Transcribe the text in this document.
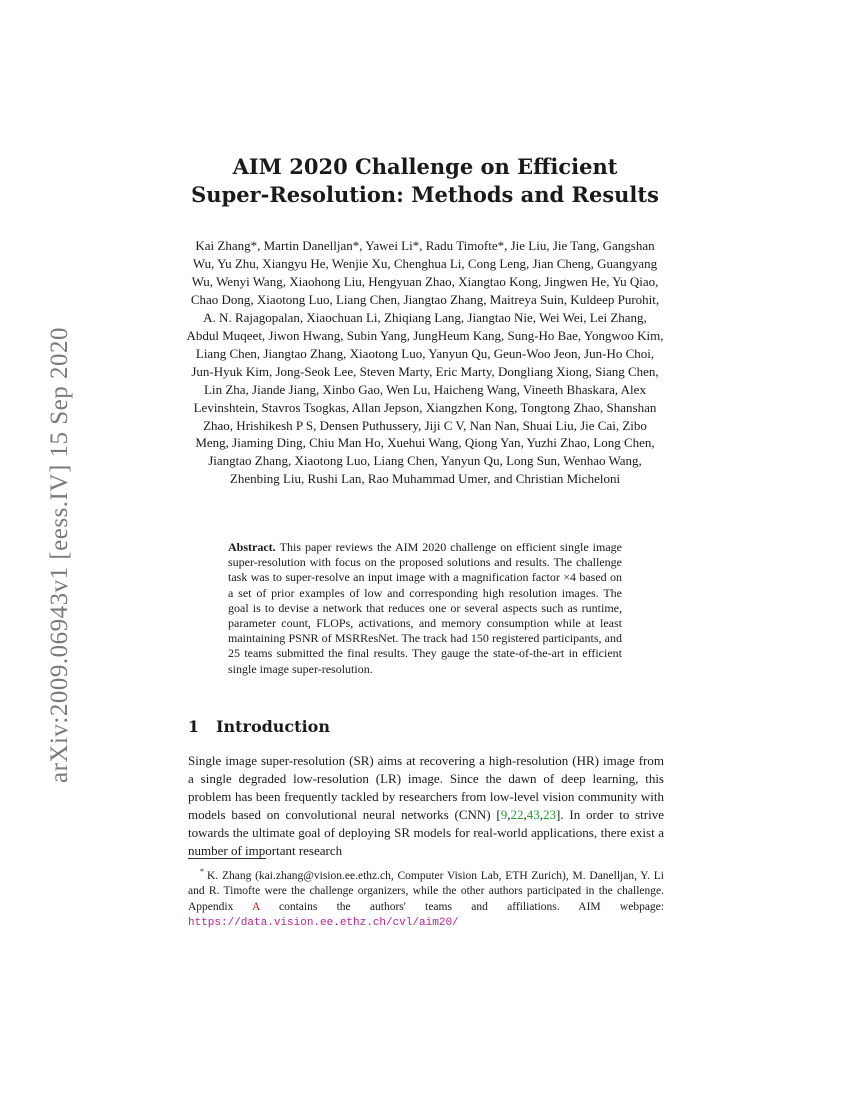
arXiv:2009.06943v1 [eess.IV] 15 Sep 2020
AIM 2020 Challenge on Efficient
Super-Resolution: Methods and Results
Kai Zhang*, Martin Danelljan*, Yawei Li*, Radu Timofte*, Jie Liu, Jie Tang, Gangshan Wu, Yu Zhu, Xiangyu He, Wenjie Xu, Chenghua Li, Cong Leng, Jian Cheng, Guangyang Wu, Wenyi Wang, Xiaohong Liu, Hengyuan Zhao, Xiangtao Kong, Jingwen He, Yu Qiao, Chao Dong, Xiaotong Luo, Liang Chen, Jiangtao Zhang, Maitreya Suin, Kuldeep Purohit, A. N. Rajagopalan, Xiaochuan Li, Zhiqiang Lang, Jiangtao Nie, Wei Wei, Lei Zhang, Abdul Muqeet, Jiwon Hwang, Subin Yang, JungHeum Kang, Sung-Ho Bae, Yongwoo Kim, Liang Chen, Jiangtao Zhang, Xiaotong Luo, Yanyun Qu, Geun-Woo Jeon, Jun-Ho Choi, Jun-Hyuk Kim, Jong-Seok Lee, Steven Marty, Eric Marty, Dongliang Xiong, Siang Chen, Lin Zha, Jiande Jiang, Xinbo Gao, Wen Lu, Haicheng Wang, Vineeth Bhaskara, Alex Levinshtein, Stavros Tsogkas, Allan Jepson, Xiangzhen Kong, Tongtong Zhao, Shanshan Zhao, Hrishikesh P S, Densen Puthussery, Jiji C V, Nan Nan, Shuai Liu, Jie Cai, Zibo Meng, Jiaming Ding, Chiu Man Ho, Xuehui Wang, Qiong Yan, Yuzhi Zhao, Long Chen, Jiangtao Zhang, Xiaotong Luo, Liang Chen, Yanyun Qu, Long Sun, Wenhao Wang, Zhenbing Liu, Rushi Lan, Rao Muhammad Umer, and Christian Micheloni
Abstract. This paper reviews the AIM 2020 challenge on efficient single image super-resolution with focus on the proposed solutions and results. The challenge task was to super-resolve an input image with a magnification factor ×4 based on a set of prior examples of low and corresponding high resolution images. The goal is to devise a network that reduces one or several aspects such as runtime, parameter count, FLOPs, activations, and memory consumption while at least maintaining PSNR of MSRResNet. The track had 150 registered participants, and 25 teams submitted the final results. They gauge the state-of-the-art in efficient single image super-resolution.
1 Introduction
Single image super-resolution (SR) aims at recovering a high-resolution (HR) image from a single degraded low-resolution (LR) image. Since the dawn of deep learning, this problem has been frequently tackled by researchers from low-level vision community with models based on convolutional neural networks (CNN) [9,22,43,23]. In order to strive towards the ultimate goal of deploying SR models for real-world applications, there exist a number of important research
* K. Zhang (kai.zhang@vision.ee.ethz.ch, Computer Vision Lab, ETH Zurich), M. Danelljan, Y. Li and R. Timofte were the challenge organizers, while the other authors participated in the challenge. Appendix A contains the authors' teams and affiliations. AIM webpage: https://data.vision.ee.ethz.ch/cvl/aim20/
